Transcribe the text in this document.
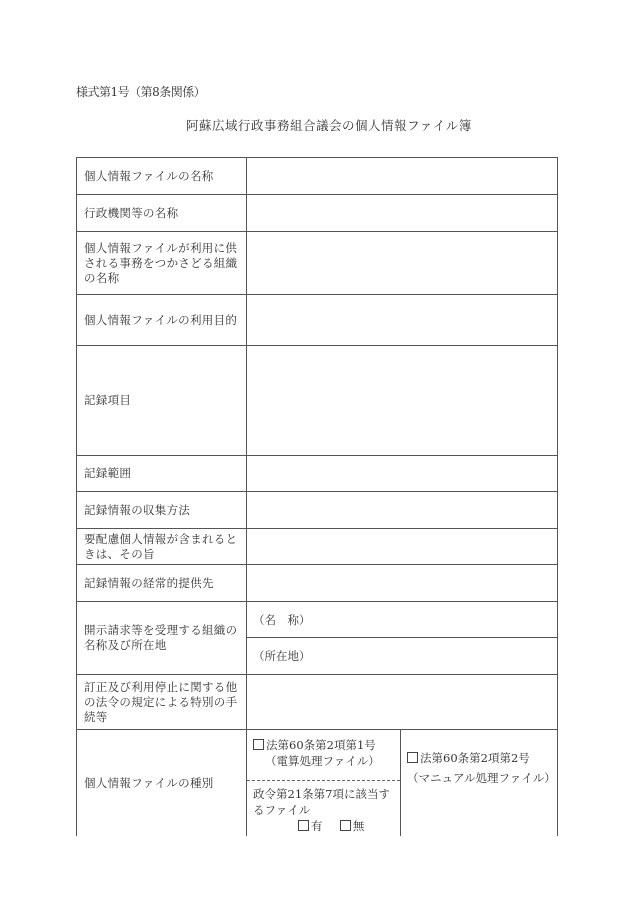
様式第1号（第8条関係）
阿蘇広域行政事務組合議会の個人情報ファイル簿
個人情報ファイルの名称
行政機関等の名称
個人情報ファイルが利用に供される事務をつかさどる組織の名称
個人情報ファイルの利用目的
記録項目
記録範囲
記録情報の収集方法
要配慮個人情報が含まれるときは、その旨
記録情報の経常的提供先
開示請求等を受理する組織の名称及び所在地
（名　称）
（所在地）
訂正及び利用停止に関する他の法令の規定による特別の手続等
個人情報ファイルの種別
法第60条第2項第1号
（電算処理ファイル）
政令第21条第7項に該当す
るファイル
有	無
法第60条第2項第2号
（マニュアル処理ファイル）
